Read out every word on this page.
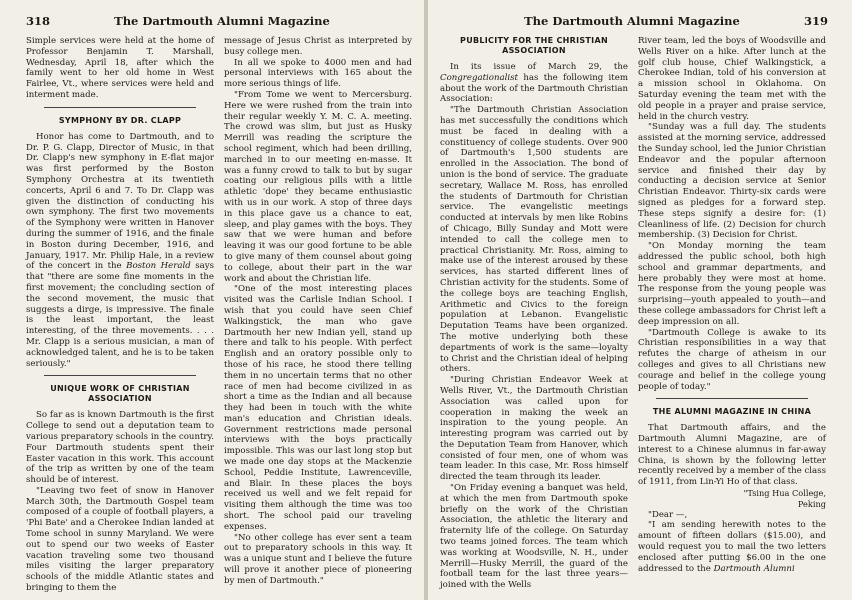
318	The Dartmouth Alumni Magazine

Simple services were held at the home of Professor Benjamin T. Marshall, Wednesday, April 18, after which the family went to her old home in West Fairlee, Vt., where services were held and interment made.

SYMPHONY BY DR. CLAPP

Honor has come to Dartmouth, and to Dr. P. G. Clapp, Director of Music, in that Dr. Clapp's new symphony in E-flat major was first performed by the Boston Symphony Orchestra at its twentieth concerts, April 6 and 7. To Dr. Clapp was given the distinction of conducting his own symphony. The first two movements of the Symphony were written in Hanover during the summer of 1916, and the finale in Boston during December, 1916, and January, 1917. Mr. Philip Hale, in a review of the concert in the Boston Herald says that "there are some fine moments in the first movement; the concluding section of the second movement, the music that suggests a dirge, is impressive. The finale is the least important, the least interesting, of the three movements. . . . Mr. Clapp is a serious musician, a man of acknowledged talent, and he is to be taken seriously."

UNIQUE WORK OF CHRISTIAN ASSOCIATION

So far as is known Dartmouth is the first College to send out a deputation team to various preparatory schools in the country. Four Dartmouth students spent their Easter vacation in this work. This account of the trip as written by one of the team should be of interest.

"Leaving two feet of snow in Hanover March 30th, the Dartmouth Gospel team composed of a couple of football players, a 'Phi Bate' and a Cherokee Indian landed at Tome school in sunny Maryland. We were out to spend our two weeks of Easter vacation traveling some two thousand miles visiting the larger preparatory schools of the middle Atlantic states and bringing to them the

message of Jesus Christ as interpreted by busy college men.

In all we spoke to 4000 men and had personal interviews with 165 about the more serious things of life.

"From Tome we went to Mercersburg. Here we were rushed from the train into their regular weekly Y. M. C. A. meeting. The crowd was slim, but just as Husky Merrill was reading the scripture the school regiment, which had been drilling, marched in to our meeting en-masse. It was a funny crowd to talk to but by sugar coating our religious pills with a little athletic 'dope' they became enthusiastic with us in our work. A stop of three days in this place gave us a chance to eat, sleep, and play games with the boys. They saw that we were human and before leaving it was our good fortune to be able to give many of them counsel about going to college, about their part in the war work and about the Christian life.

"One of the most interesting places visited was the Carlisle Indian School. I wish that you could have seen Chief Walkingstick, the man who gave Dartmouth her new Indian yell, stand up there and talk to his people. With perfect English and an oratory possible only to those of his race, he stood there telling them in no uncertain terms that no other race of men had become civilized in as short a time as the Indian and all because they had been in touch with the white man's education and Christian ideals. Government restrictions made personal interviews with the boys practically impossible. This was our last long stop but we made one day stops at the Mackenzie School, Peddie Institute, Lawrenceville, and Blair. In these places the boys received us well and we felt repaid for visiting them although the time was too short. The school paid our traveling expenses.

"No other college has ever sent a team out to preparatory schools in this way. It was a unique stunt and I believe the future will prove it another piece of pioneering by men of Dartmouth."

The Dartmouth Alumni Magazine	319
PUBLICITY FOR THE CHRISTIAN ASSOCIATION

In its issue of March 29, the Congregationalist has the following item about the work of the Dartmouth Christian Association:

"The Dartmouth Christian Association has met successfully the conditions which must be faced in dealing with a constituency of college students. Over 900 of Dartmouth's 1,500 students are enrolled in the Association. The bond of union is the bond of service. The graduate secretary, Wallace M. Ross, has enrolled the students of Dartmouth for Christian service. The evangelistic meetings conducted at intervals by men like Robins of Chicago, Billy Sunday and Mott were intended to call the college men to practical Christianity. Mr. Ross, aiming to make use of the interest aroused by these services, has started different lines of Christian activity for the students. Some of the college boys are teaching English, Arithmetic and Civics to the foreign population at Lebanon. Evangelistic Deputation Teams have been organized. The motive underlying both these departments of work is the same—loyalty to Christ and the Christian ideal of helping others.

"During Christian Endeavor Week at Wells River, Vt., the Dartmouth Christian Association was called upon for cooperation in making the week an inspiration to the young people. An interesting program was carried out by the Deputation Team from Hanover, which consisted of four men, one of whom was team leader. In this case, Mr. Ross himself directed the team through its leader.

"On Friday evening a banquet was held, at which the men from Dartmouth spoke briefly on the work of the Christian Association, the athletic the literary and fraternity life of the college. On Saturday two teams joined forces. The team which was working at Woodsville, N. H., under Merrill—Husky Merrill, the guard of the football team for the last three years—joined with the Wells

River team, led the boys of Woodsville and Wells River on a hike. After lunch at the golf club house, Chief Walkingstick, a Cherokee Indian, told of his conversion at a mission school in Oklahoma. On Saturday evening the team met with the old people in a prayer and praise service, held in the church vestry.

"Sunday was a full day. The students assisted at the morning service, addressed the Sunday school, led the Junior Christian Endeavor and the popular afternoon service and finished their day by conducting a decision service at Senior Christian Endeavor. Thirty-six cards were signed as pledges for a forward step. These steps signify a desire for: (1) Cleanliness of life. (2) Decision for church membership. (3) Decision for Christ.

"On Monday morning the team addressed the public school, both high school and grammar departments, and here probably they were most at home. The response from the young people was surprising—youth appealed to youth—and these college ambassadors for Christ left a deep impression on all.

"Dartmouth College is awake to its Christian responsibilities in a way that refutes the charge of atheism in our colleges and gives to all Christians new courage and belief in the college young people of today."

THE ALUMNI MAGAZINE IN CHINA

That Dartmouth affairs, and the Dartmouth Alumni Magazine, are of interest to a Chinese alumnus in far-away China, is shown by the following letter recently received by a member of the class of 1911, from Lin-Yi Ho of that class.

"Tsing Hua College,

Peking

"Dear —,

"I am sending herewith notes to the amount of fifteen dollars ($15.00), and would request you to mail the two letters enclosed after putting $6.00 in the one addressed to the Dartmouth Alumni
